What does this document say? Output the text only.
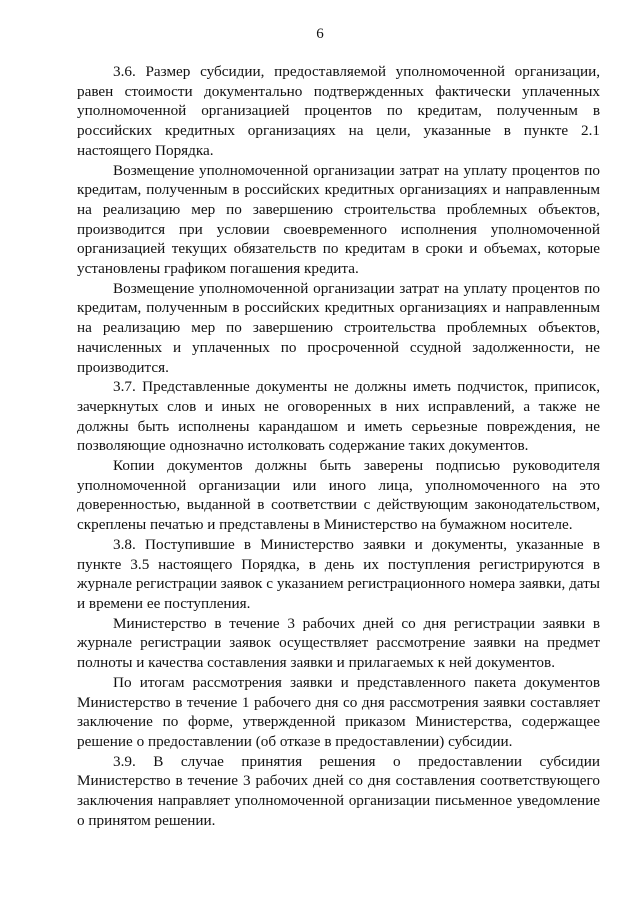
6

3.6. Размер субсидии, предоставляемой уполномоченной организации, равен стоимости документально подтвержденных фактически уплаченных уполномоченной организацией процентов по кредитам, полученным в российских кредитных организациях на цели, указанные в пункте 2.1 настоящего Порядка.

Возмещение уполномоченной организации затрат на уплату процентов по кредитам, полученным в российских кредитных организациях и направленным на реализацию мер по завершению строительства проблемных объектов, производится при условии своевременного исполнения уполномоченной организацией текущих обязательств по кредитам в сроки и объемах, которые установлены графиком погашения кредита.

Возмещение уполномоченной организации затрат на уплату процентов по кредитам, полученным в российских кредитных организациях и направленным на реализацию мер по завершению строительства проблемных объектов, начисленных и уплаченных по просроченной ссудной задолженности, не производится.

3.7. Представленные документы не должны иметь подчисток, приписок, зачеркнутых слов и иных не оговоренных в них исправлений, а также не должны быть исполнены карандашом и иметь серьезные повреждения, не позволяющие однозначно истолковать содержание таких документов.

Копии документов должны быть заверены подписью руководителя уполномоченной организации или иного лица, уполномоченного на это доверенностью, выданной в соответствии с действующим законодательством, скреплены печатью и представлены в Министерство на бумажном носителе.

3.8. Поступившие в Министерство заявки и документы, указанные в пункте 3.5 настоящего Порядка, в день их поступления регистрируются в журнале регистрации заявок с указанием регистрационного номера заявки, даты и времени ее поступления.

Министерство в течение 3 рабочих дней со дня регистрации заявки в журнале регистрации заявок осуществляет рассмотрение заявки на предмет полноты и качества составления заявки и прилагаемых к ней документов.

По итогам рассмотрения заявки и представленного пакета документов Министерство в течение 1 рабочего дня со дня рассмотрения заявки составляет заключение по форме, утвержденной приказом Министерства, содержащее решение о предоставлении (об отказе в предоставлении) субсидии.

3.9. В случае принятия решения о предоставлении субсидии Министерство в течение 3 рабочих дней со дня составления соответствующего заключения направляет уполномоченной организации письменное уведомление о принятом решении.
